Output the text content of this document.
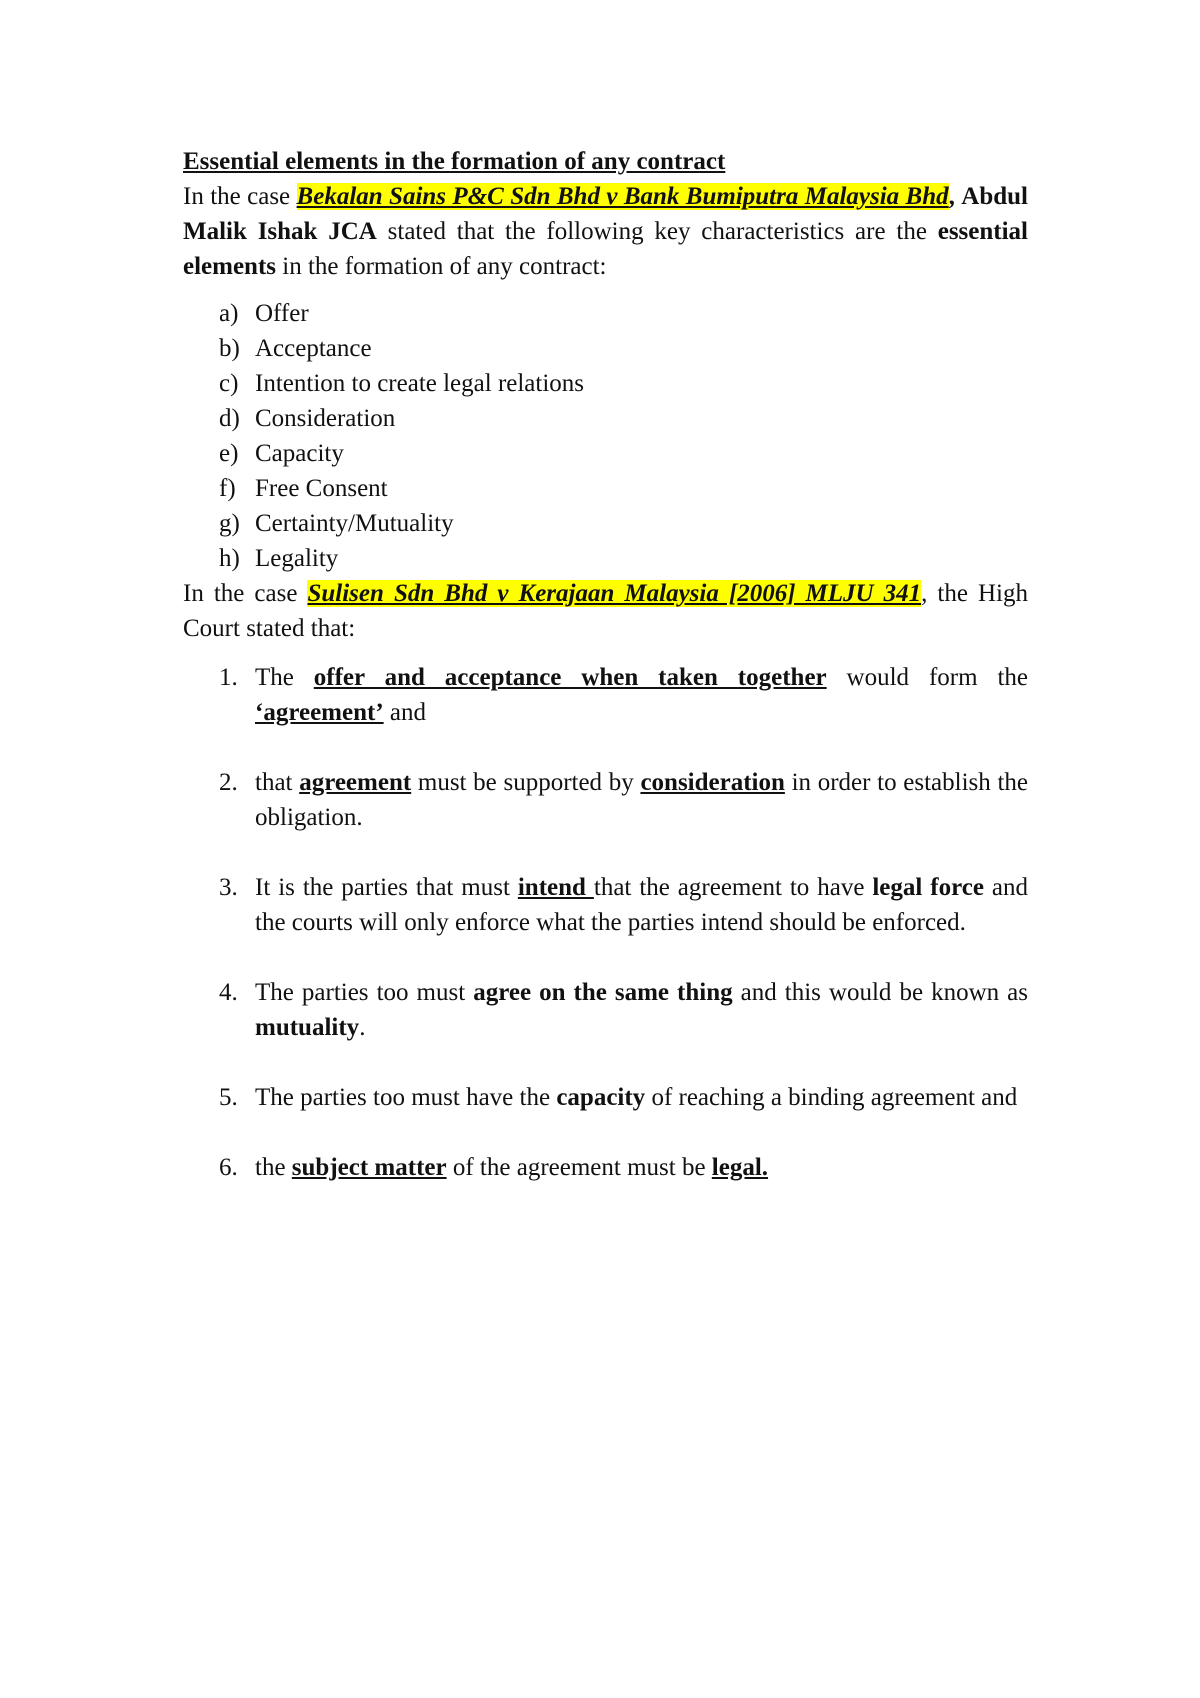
Essential elements in the formation of any contract

In the case Bekalan Sains P&C Sdn Bhd v Bank Bumiputra Malaysia Bhd, Abdul Malik Ishak JCA stated that the following key characteristics are the essential elements in the formation of any contract:

a) Offer
b) Acceptance
c) Intention to create legal relations
d) Consideration
e) Capacity
f) Free Consent
g) Certainty/Mutuality
h) Legality

In the case Sulisen Sdn Bhd v Kerajaan Malaysia [2006] MLJU 341, the High Court stated that:

1. The offer and acceptance when taken together would form the ‘agreement’ and
2. that agreement must be supported by consideration in order to establish the obligation.
3. It is the parties that must intend that the agreement to have legal force and the courts will only enforce what the parties intend should be enforced.
4. The parties too must agree on the same thing and this would be known as mutuality.
5. The parties too must have the capacity of reaching a binding agreement and
6. the subject matter of the agreement must be legal.
